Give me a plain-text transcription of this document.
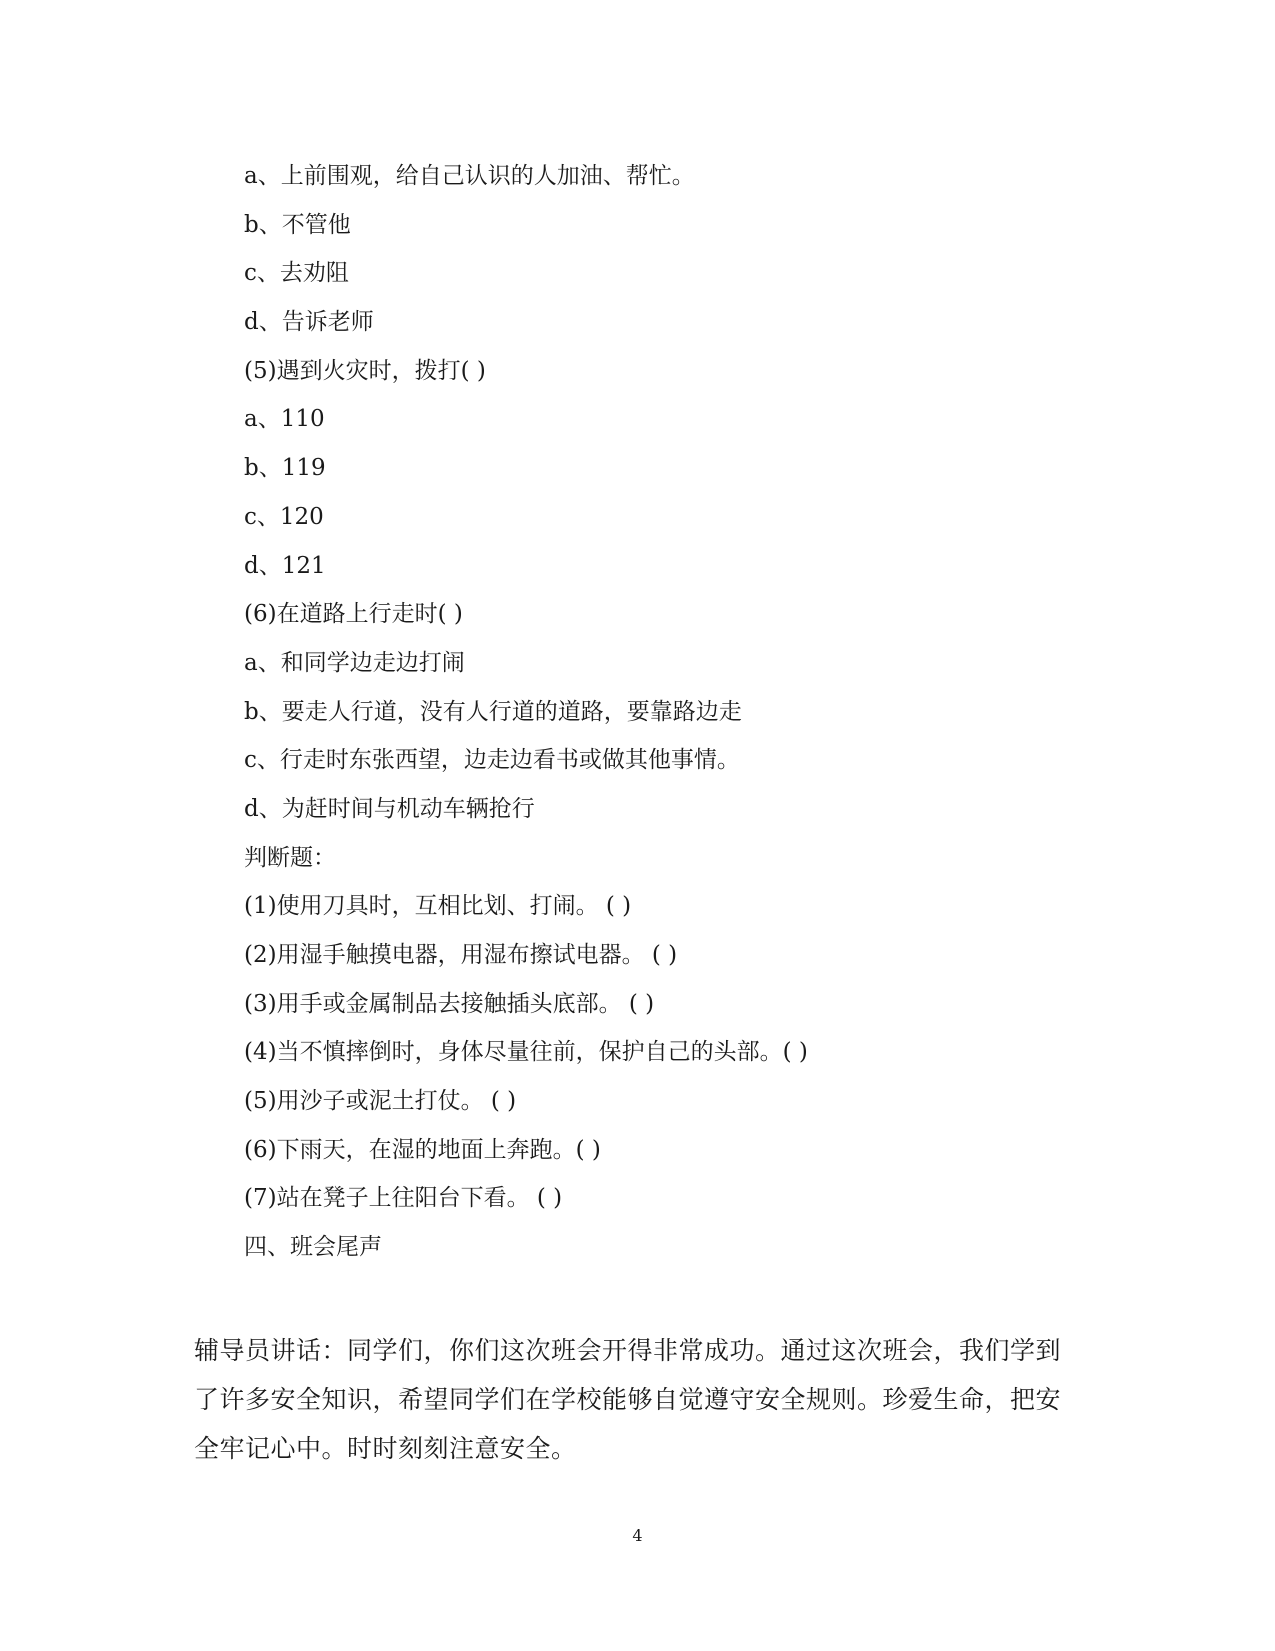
a、上前围观，给自己认识的人加油、帮忙。
b、不管他
c、去劝阻
d、告诉老师
(5)遇到火灾时，拨打( )
a、110
b、119
c、120
d、121
(6)在道路上行走时( )
a、和同学边走边打闹
b、要走人行道，没有人行道的道路，要靠路边走
c、行走时东张西望，边走边看书或做其他事情。
d、为赶时间与机动车辆抢行
判断题：
(1)使用刀具时，互相比划、打闹。 ( )
(2)用湿手触摸电器，用湿布擦试电器。 ( )
(3)用手或金属制品去接触插头底部。 ( )
(4)当不慎摔倒时，身体尽量往前，保护自己的头部。( )
(5)用沙子或泥土打仗。 ( )
(6)下雨天，在湿的地面上奔跑。( )
(7)站在凳子上往阳台下看。 ( )
四、班会尾声

辅导员讲话：同学们，你们这次班会开得非常成功。通过这次班会，我们学到了许多安全知识，希望同学们在学校能够自觉遵守安全规则。珍爱生命，把安全牢记心中。时时刻刻注意安全。

4
